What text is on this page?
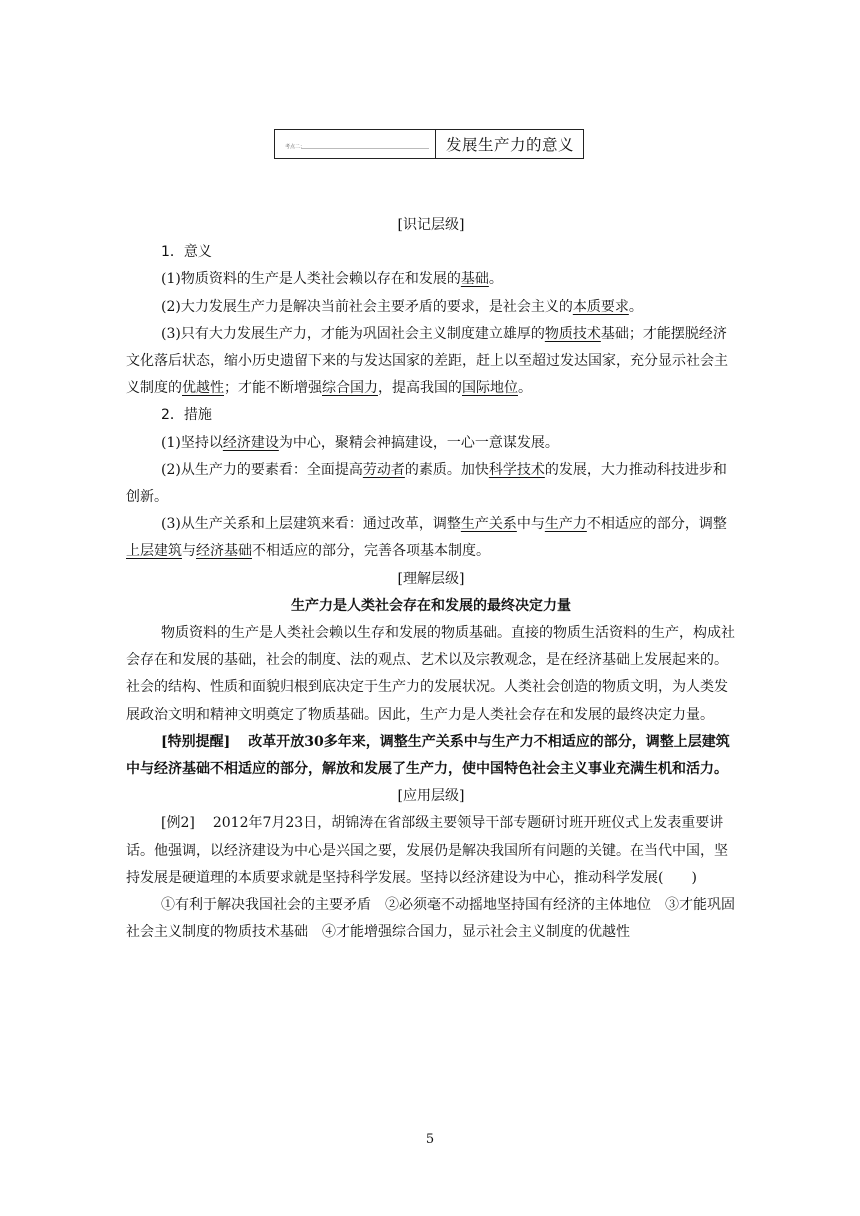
考点二：	发展生产力的意义

[识记层级]

1．意义

(1)物质资料的生产是人类社会赖以存在和发展的基础。

(2)大力发展生产力是解决当前社会主要矛盾的要求，是社会主义的本质要求。

(3)只有大力发展生产力，才能为巩固社会主义制度建立雄厚的物质技术基础；才能摆脱经济文化落后状态，缩小历史遗留下来的与发达国家的差距，赶上以至超过发达国家，充分显示社会主义制度的优越性；才能不断增强综合国力，提高我国的国际地位。

2．措施

(1)坚持以经济建设为中心，聚精会神搞建设，一心一意谋发展。

(2)从生产力的要素看：全面提高劳动者的素质。加快科学技术的发展，大力推动科技进步和创新。

(3)从生产关系和上层建筑来看：通过改革，调整生产关系中与生产力不相适应的部分，调整上层建筑与经济基础不相适应的部分，完善各项基本制度。

[理解层级]

生产力是人类社会存在和发展的最终决定力量

物质资料的生产是人类社会赖以生存和发展的物质基础。直接的物质生活资料的生产，构成社会存在和发展的基础，社会的制度、法的观点、艺术以及宗教观念，是在经济基础上发展起来的。社会的结构、性质和面貌归根到底决定于生产力的发展状况。人类社会创造的物质文明，为人类发展政治文明和精神文明奠定了物质基础。因此，生产力是人类社会存在和发展的最终决定力量。

[特别提醒] 改革开放30多年来，调整生产关系中与生产力不相适应的部分，调整上层建筑中与经济基础不相适应的部分，解放和发展了生产力，使中国特色社会主义事业充满生机和活力。

[应用层级]

[例2] 2012年7月23日，胡锦涛在省部级主要领导干部专题研讨班开班仪式上发表重要讲话。他强调，以经济建设为中心是兴国之要，发展仍是解决我国所有问题的关键。在当代中国，坚持发展是硬道理的本质要求就是坚持科学发展。坚持以经济建设为中心，推动科学发展(　　)

①有利于解决我国社会的主要矛盾　②必须毫不动摇地坚持国有经济的主体地位　③才能巩固社会主义制度的物质技术基础　④才能增强综合国力，显示社会主义制度的优越性

5
